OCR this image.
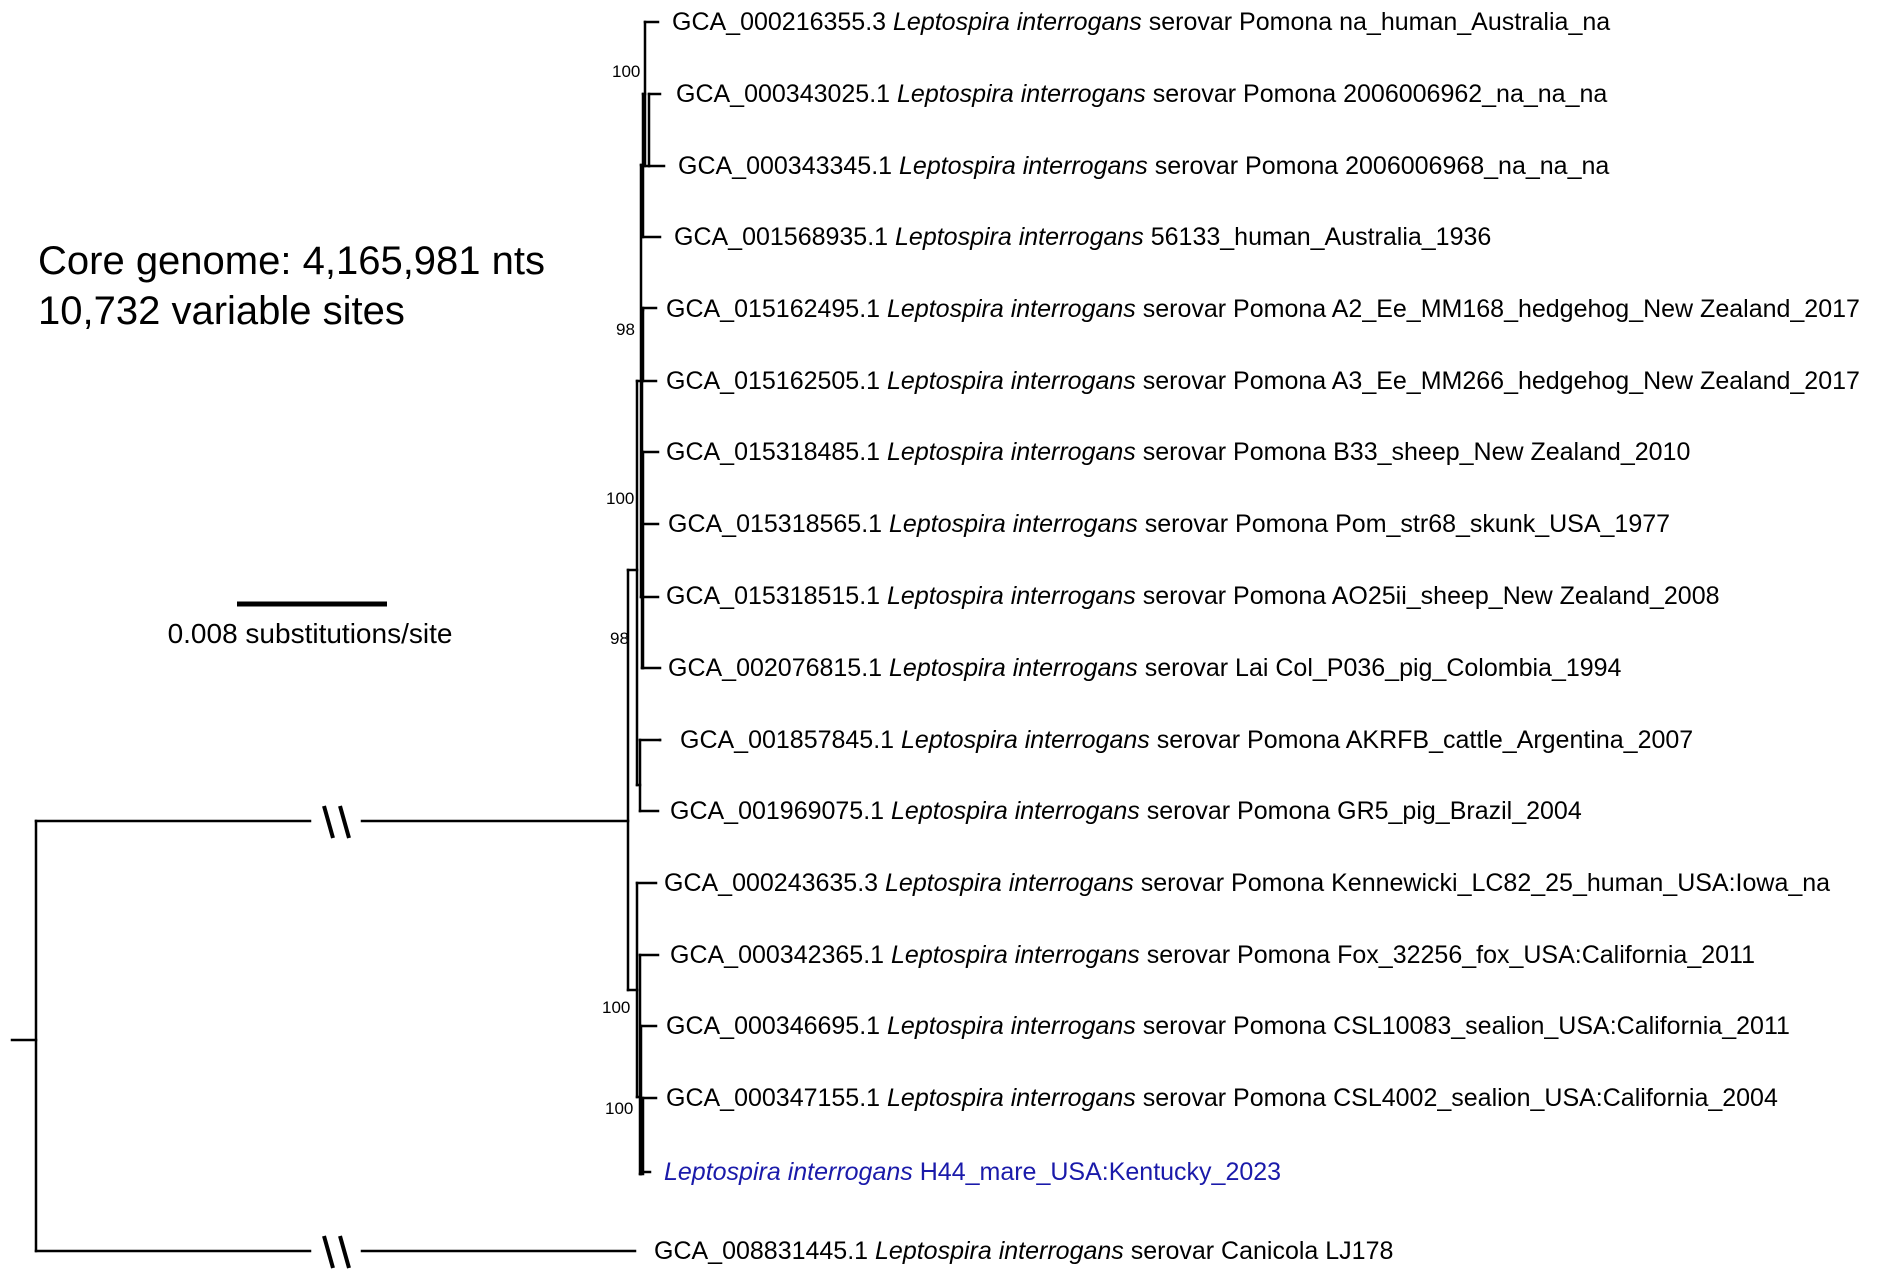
Core genome: 4,165,981 nts
10,732 variable sites
0.008 substitutions/site
100
98
100
98
100
100
GCA_000216355.3 Leptospira interrogans serovar Pomona na_human_Australia_na
GCA_000343025.1 Leptospira interrogans serovar Pomona 2006006962_na_na_na
GCA_000343345.1 Leptospira interrogans serovar Pomona 2006006968_na_na_na
GCA_001568935.1 Leptospira interrogans 56133_human_Australia_1936
GCA_015162495.1 Leptospira interrogans serovar Pomona A2_Ee_MM168_hedgehog_New Zealand_2017
GCA_015162505.1 Leptospira interrogans serovar Pomona A3_Ee_MM266_hedgehog_New Zealand_2017
GCA_015318485.1 Leptospira interrogans serovar Pomona B33_sheep_New Zealand_2010
GCA_015318565.1 Leptospira interrogans serovar Pomona Pom_str68_skunk_USA_1977
GCA_015318515.1 Leptospira interrogans serovar Pomona AO25ii_sheep_New Zealand_2008
GCA_002076815.1 Leptospira interrogans serovar Lai Col_P036_pig_Colombia_1994
GCA_001857845.1 Leptospira interrogans serovar Pomona AKRFB_cattle_Argentina_2007
GCA_001969075.1 Leptospira interrogans serovar Pomona GR5_pig_Brazil_2004
GCA_000243635.3 Leptospira interrogans serovar Pomona Kennewicki_LC82_25_human_USA:Iowa_na
GCA_000342365.1 Leptospira interrogans serovar Pomona Fox_32256_fox_USA:California_2011
GCA_000346695.1 Leptospira interrogans serovar Pomona CSL10083_sealion_USA:California_2011
GCA_000347155.1 Leptospira interrogans serovar Pomona CSL4002_sealion_USA:California_2004
Leptospira interrogans H44_mare_USA:Kentucky_2023
GCA_008831445.1 Leptospira interrogans serovar Canicola LJ178
